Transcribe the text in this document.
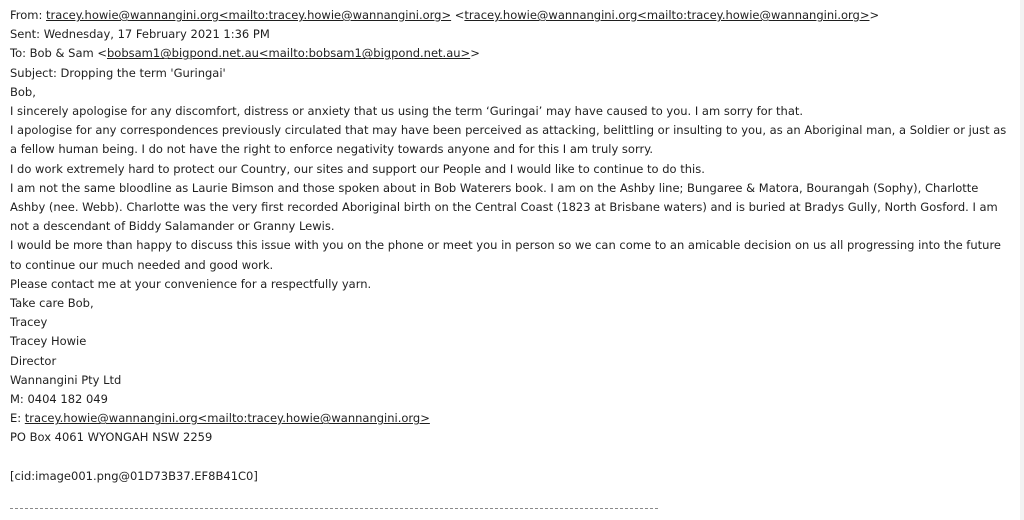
From: tracey.howie@wannangini.org<mailto:tracey.howie@wannangini.org> <tracey.howie@wannangini.org<mailto:tracey.howie@wannangini.org>>
Sent: Wednesday, 17 February 2021 1:36 PM
To: Bob & Sam <bobsam1@bigpond.net.au<mailto:bobsam1@bigpond.net.au>>
Subject: Dropping the term 'Guringai'
Bob,
I sincerely apologise for any discomfort, distress or anxiety that us using the term ‘Guringai’ may have caused to you. I am sorry for that.
I apologise for any correspondences previously circulated that may have been perceived as attacking, belittling or insulting to you, as an Aboriginal man, a Soldier or just as a fellow human being. I do not have the right to enforce negativity towards anyone and for this I am truly sorry.
I do work extremely hard to protect our Country, our sites and support our People and I would like to continue to do this.
I am not the same bloodline as Laurie Bimson and those spoken about in Bob Waterers book. I am on the Ashby line; Bungaree & Matora, Bourangah (Sophy), Charlotte Ashby (nee. Webb). Charlotte was the very first recorded Aboriginal birth on the Central Coast (1823 at Brisbane waters) and is buried at Bradys Gully, North Gosford. I am not a descendant of Biddy Salamander or Granny Lewis.
I would be more than happy to discuss this issue with you on the phone or meet you in person so we can come to an amicable decision on us all progressing into the future to continue our much needed and good work.
Please contact me at your convenience for a respectfully yarn.
Take care Bob,
Tracey
Tracey Howie
Director
Wannangini Pty Ltd
M: 0404 182 049
E: tracey.howie@wannangini.org<mailto:tracey.howie@wannangini.org>
PO Box 4061 WYONGAH NSW 2259
[cid:image001.png@01D73B37.EF8B41C0]
